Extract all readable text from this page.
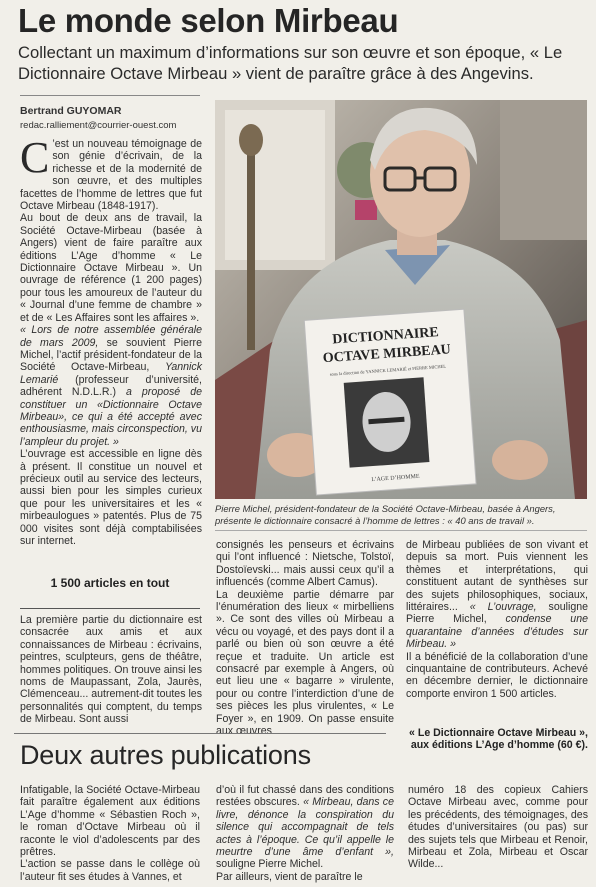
Le monde selon Mirbeau
Collectant un maximum d’informations sur son œuvre et son époque, « Le Dictionnaire Octave Mirbeau » vient de paraître grâce à des Angevins.
Bertrand GUYOMAR
redac.ralliement@courrier-ouest.com

C ’est un nouveau témoignage de son génie d’écrivain, de la richesse et de la modernité de son œuvre, et des multiples facettes de l’homme de lettres que fut Octave Mirbeau (1848-1917).

Au bout de deux ans de travail, la Société Octave-Mirbeau (basée à Angers) vient de faire paraître aux éditions L’Age d’homme « Le Dictionnaire Octave Mirbeau ». Un ouvrage de référence (1 200 pages) pour tous les amoureux de l’auteur du « Journal d’une femme de chambre » et de « Les Affaires sont les affaires ».

« Lors de notre assemblée générale de mars 2009, se souvient Pierre Michel, l’actif président-fondateur de la Société Octave-Mirbeau, Yannick Lemarié (professeur d’université, adhérent N.D.L.R.) a proposé de constituer un «Dictionnaire Octave Mirbeau», ce qui a été accepté avec enthousiasme, mais circonspection, vu l’ampleur du projet. »

L’ouvrage est accessible en ligne dès à présent. Il constitue un nouvel et précieux outil au service des lecteurs, aussi bien pour les simples curieux que pour les universitaires et les « mirbeaulogues » patentés. Plus de 75 000 visites sont déjà comptabilisées sur internet.

1 500 articles en tout

La première partie du dictionnaire est consacrée aux amis et aux connaissances de Mirbeau : écrivains, peintres, sculpteurs, gens de théâtre, hommes politiques. On trouve ainsi les noms de Maupassant, Zola, Jaurès, Clémenceau... autrement-dit toutes les personnalités qui comptent, du temps de Mirbeau. Sont aussi

DICTIONNAIRE
OCTAVE MIRBEAU
sous la direction de YANNICK LEMARIÉ et PIERRE MICHEL
L’AGE D’HOMME
Pierre Michel, président-fondateur de la Société Octave-Mirbeau, basée à Angers, présente le dictionnaire consacré à l’homme de lettres : « 40 ans de travail ».

consignés les penseurs et écrivains qui l’ont influencé : Nietsche, Tolstoï, Dostoïevski... mais aussi ceux qu’il a influencés (comme Albert Camus).

La deuxième partie démarre par l’énumération des lieux « mirbelliens ». Ce sont des villes où Mirbeau a vécu ou voyagé, et des pays dont il a parlé ou bien où son œuvre a été reçue et traduite. Un article est consacré par exemple à Angers, où eut lieu une « bagarre » virulente, pour ou contre l’interdiction d’une de ses pièces les plus virulentes, « Le Foyer », en 1909. On passe ensuite aux œuvres

de Mirbeau publiées de son vivant et depuis sa mort. Puis viennent les thèmes et interprétations, qui constituent autant de synthèses sur des sujets philosophiques, sociaux, littéraires... « L’ouvrage, souligne Pierre Michel, condense une quarantaine d’années d’études sur Mirbeau. »

Il a bénéficié de la collaboration d’une cinquantaine de contributeurs. Achevé en décembre dernier, le dictionnaire comporte environ 1 500 articles.

« Le Dictionnaire Octave Mirbeau », aux éditions L’Age d’homme (60 €).
Deux autres publications

Infatigable, la Société Octave-Mirbeau fait paraître également aux éditions L’Age d’homme « Sébastien Roch », le roman d’Octave Mirbeau où il raconte le viol d’adolescents par des prêtres.

L’action se passe dans le collège où l’auteur fit ses études à Vannes, et

d’où il fut chassé dans des conditions restées obscures. « Mirbeau, dans ce livre, dénonce la conspiration du silence qui accompagnait de tels actes à l’époque. Ce qu’il appelle le meurtre d’une âme d’enfant », souligne Pierre Michel.

Par ailleurs, vient de paraître le

numéro 18 des copieux Cahiers Octave Mirbeau avec, comme pour les précédents, des témoignages, des études d’universitaires (ou pas) sur des sujets tels que Mirbeau et Renoir, Mirbeau et Zola, Mirbeau et Oscar Wilde...
